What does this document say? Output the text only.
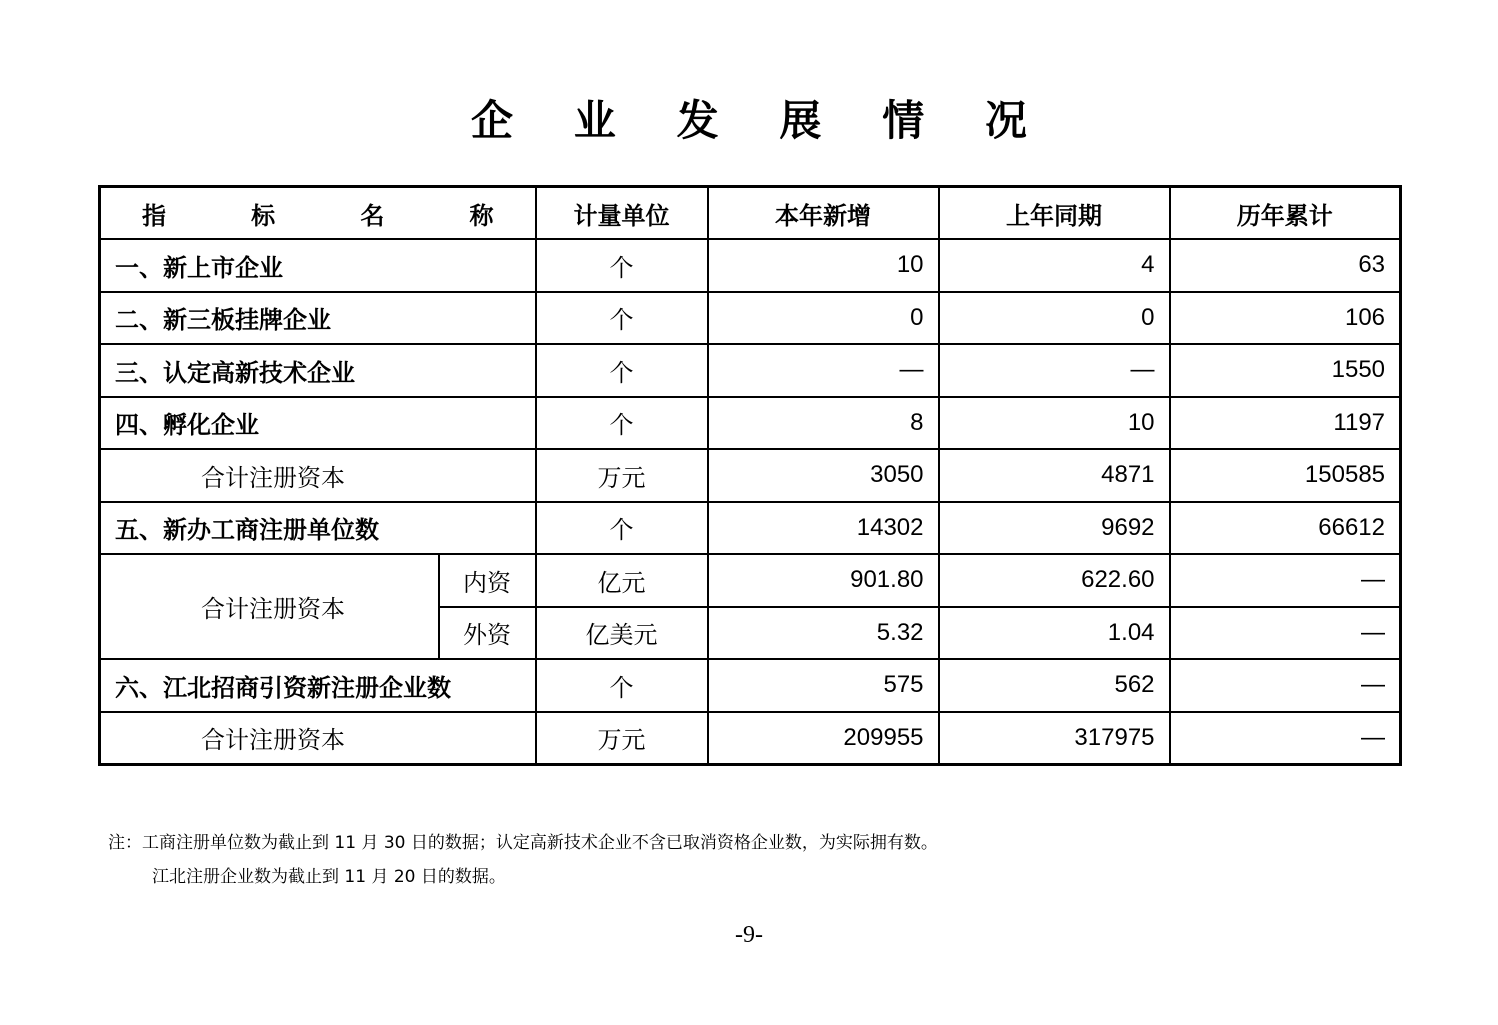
企 业 发 展 情 况
指 标 名 称		计量单位	本年新增	上年同期	历年累计
一、新上市企业		个	10	4	63
二、新三板挂牌企业		个	0	0	106
三、认定高新技术企业		个	—	—	1550
四、孵化企业		个	8	10	1197
合计注册资本		万元	3050	4871	150585
五、新办工商注册单位数		个	14302	9692	66612
合计注册资本	内资	亿元	901.80	622.60	—
	外资	亿美元	5.32	1.04	—
六、江北招商引资新注册企业数		个	575	562	—
合计注册资本		万元	209955	317975	—
注：工商注册单位数为截止到 11 月 30 日的数据；认定高新技术企业不含已取消资格企业数，为实际拥有数。
江北注册企业数为截止到 11 月 20 日的数据。
-9-
